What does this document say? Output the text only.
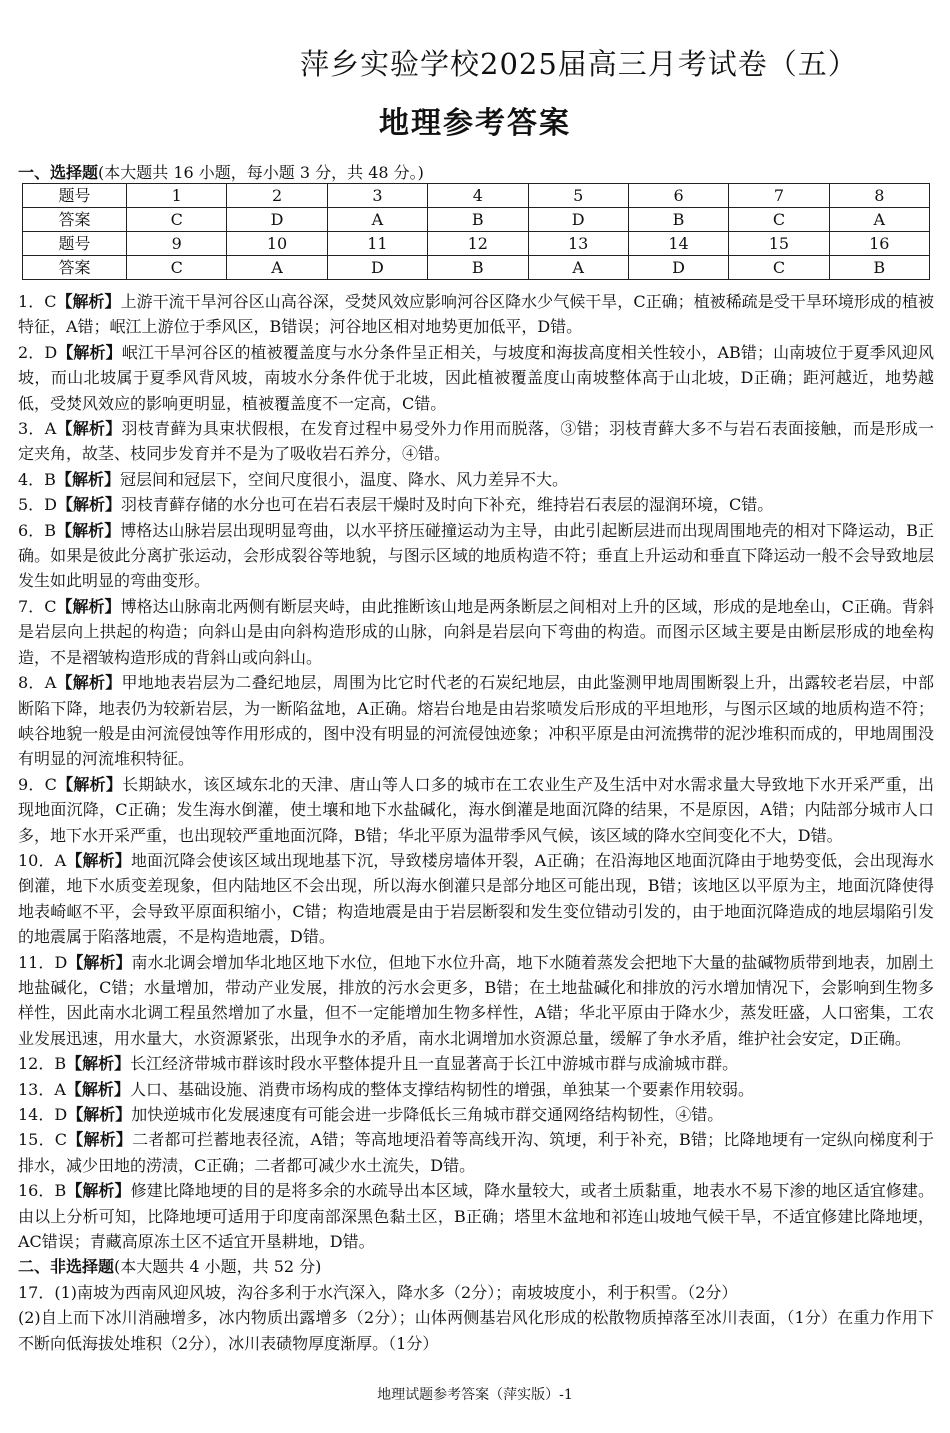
萍乡实验学校2025届高三月考试卷（五）
地理参考答案
一、选择题(本大题共 16 小题，每小题 3 分，共 48 分。)
题号	1	2	3	4	5	6	7	8
答案	C	D	A	B	D	B	C	A
题号	9	10	11	12	13	14	15	16
答案	C	A	D	B	A	D	C	B

1．C【解析】上游干流干旱河谷区山高谷深，受焚风效应影响河谷区降水少气候干旱，C正确；植被稀疏是受干旱环境形成的植被特征，A错；岷江上游位于季风区，B错误；河谷地区相对地势更加低平，D错。

2．D【解析】岷江干旱河谷区的植被覆盖度与水分条件呈正相关，与坡度和海拔高度相关性较小，AB错；山南坡位于夏季风迎风坡，而山北坡属于夏季风背风坡，南坡水分条件优于北坡，因此植被覆盖度山南坡整体高于山北坡，D正确；距河越近，地势越低，受焚风效应的影响更明显，植被覆盖度不一定高，C错。

3．A【解析】羽枝青藓为具束状假根，在发育过程中易受外力作用而脱落，③错；羽枝青藓大多不与岩石表面接触，而是形成一定夹角，故茎、枝同步发育并不是为了吸收岩石养分，④错。

4．B【解析】冠层间和冠层下，空间尺度很小，温度、降水、风力差异不大。

5．D【解析】羽枝青藓存储的水分也可在岩石表层干燥时及时向下补充，维持岩石表层的湿润环境，C错。

6．B【解析】博格达山脉岩层出现明显弯曲，以水平挤压碰撞运动为主导，由此引起断层进而出现周围地壳的相对下降运动，B正确。如果是彼此分离扩张运动，会形成裂谷等地貌，与图示区域的地质构造不符；垂直上升运动和垂直下降运动一般不会导致地层发生如此明显的弯曲变形。

7．C【解析】博格达山脉南北两侧有断层夹峙，由此推断该山地是两条断层之间相对上升的区域，形成的是地垒山，C正确。背斜是岩层向上拱起的构造；向斜山是由向斜构造形成的山脉，向斜是岩层向下弯曲的构造。而图示区域主要是由断层形成的地垒构造，不是褶皱构造形成的背斜山或向斜山。

8．A【解析】甲地地表岩层为二叠纪地层，周围为比它时代老的石炭纪地层，由此鉴测甲地周围断裂上升，出露较老岩层，中部断陷下降，地表仍为较新岩层，为一断陷盆地，A正确。熔岩台地是由岩浆喷发后形成的平坦地形，与图示区域的地质构造不符；峡谷地貌一般是由河流侵蚀等作用形成的，图中没有明显的河流侵蚀迹象；冲积平原是由河流携带的泥沙堆积而成的，甲地周围没有明显的河流堆积特征。

9．C【解析】长期缺水，该区域东北的天津、唐山等人口多的城市在工农业生产及生活中对水需求量大导致地下水开采严重，出现地面沉降，C正确；发生海水倒灌，使土壤和地下水盐碱化，海水倒灌是地面沉降的结果，不是原因，A错；内陆部分城市人口多，地下水开采严重，也出现较严重地面沉降，B错；华北平原为温带季风气候，该区域的降水空间变化不大，D错。

10．A【解析】地面沉降会使该区域出现地基下沉，导致楼房墙体开裂，A正确；在沿海地区地面沉降由于地势变低，会出现海水倒灌，地下水质变差现象，但内陆地区不会出现，所以海水倒灌只是部分地区可能出现，B错；该地区以平原为主，地面沉降使得地表崎岖不平，会导致平原面积缩小，C错；构造地震是由于岩层断裂和发生变位错动引发的，由于地面沉降造成的地层塌陷引发的地震属于陷落地震，不是构造地震，D错。

11．D【解析】南水北调会增加华北地区地下水位，但地下水位升高，地下水随着蒸发会把地下大量的盐碱物质带到地表，加剧土地盐碱化，C错；水量增加，带动产业发展，排放的污水会更多，B错；在土地盐碱化和排放的污水增加情况下，会影响到生物多样性，因此南水北调工程虽然增加了水量，但不一定能增加生物多样性，A错；华北平原由于降水少，蒸发旺盛，人口密集，工农业发展迅速，用水量大，水资源紧张，出现争水的矛盾，南水北调增加水资源总量，缓解了争水矛盾，维护社会安定，D正确。

12．B【解析】长江经济带城市群该时段水平整体提升且一直显著高于长江中游城市群与成渝城市群。

13．A【解析】人口、基础设施、消费市场构成的整体支撑结构韧性的增强，单独某一个要素作用较弱。

14．D【解析】加快逆城市化发展速度有可能会进一步降低长三角城市群交通网络结构韧性，④错。

15．C【解析】二者都可拦蓄地表径流，A错；等高地埂沿着等高线开沟、筑埂，利于补充，B错；比降地埂有一定纵向梯度利于排水，减少田地的涝渍，C正确；二者都可减少水土流失，D错。

16．B【解析】修建比降地埂的目的是将多余的水疏导出本区域，降水量较大，或者土质黏重，地表水不易下渗的地区适宜修建。由以上分析可知，比降地埂可适用于印度南部深黑色黏土区，B正确；塔里木盆地和祁连山坡地气候干旱，不适宜修建比降地埂，AC错误；青藏高原冻土区不适宜开垦耕地，D错。

二、非选择题(本大题共 4 小题，共 52 分)

17．(1)南坡为西南风迎风坡，沟谷多利于水汽深入，降水多（2分）；南坡坡度小，利于积雪。（2分）

(2)自上而下冰川消融增多，冰内物质出露增多（2分）；山体两侧基岩风化形成的松散物质掉落至冰川表面，（1分）在重力作用下不断向低海拔处堆积（2分），冰川表碛物厚度渐厚。（1分）

地理试题参考答案（萍实版）-1
